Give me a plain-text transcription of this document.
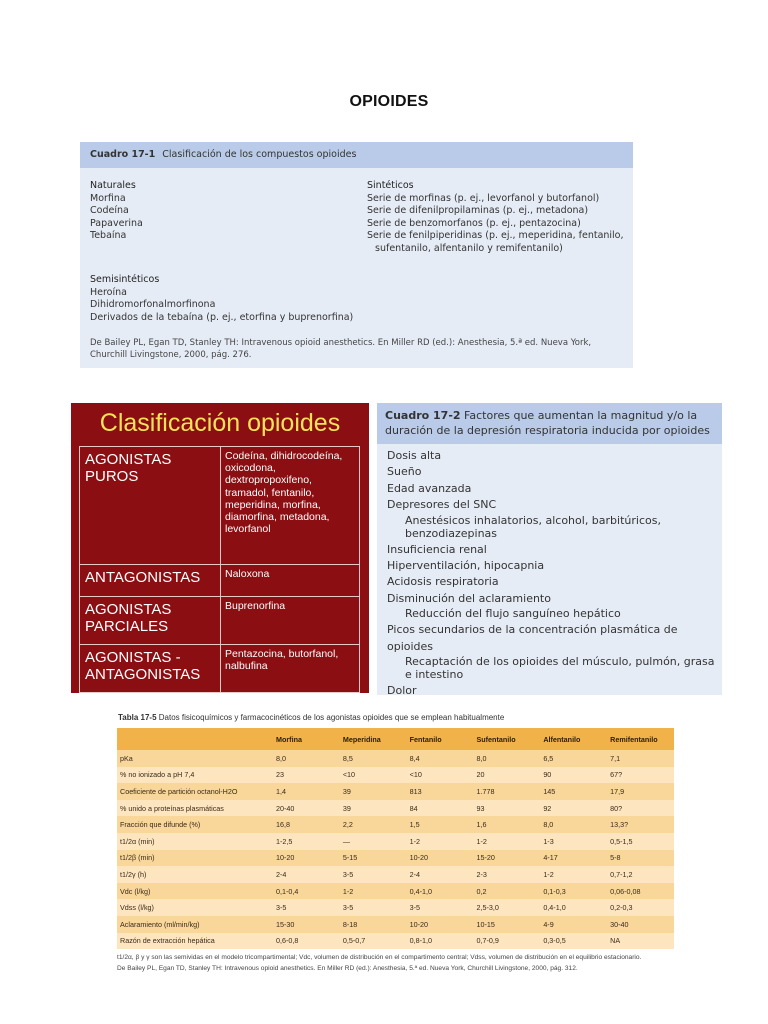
OPIOIDES
Cuadro 17-1 Clasificación de los compuestos opioides
Naturales
Morfina
Codeína
Papaverina
Tebaína
Semisintéticos
Heroína
Dihidromorfonalmorfinona
Derivados de la tebaína (p. ej., etorfina y buprenorfina)
Sintéticos
Serie de morfinas (p. ej., levorfanol y butorfanol)
Serie de difenilpropilaminas (p. ej., metadona)
Serie de benzomorfanos (p. ej., pentazocina)
Serie de fenilpiperidinas (p. ej., meperidina, fentanilo,
sufentanilo, alfentanilo y remifentanilo)
De Bailey PL, Egan TD, Stanley TH: Intravenous opioid anesthetics. En Miller RD (ed.): Anesthesia, 5.ª ed. Nueva York, Churchill Livingstone, 2000, pág. 276.
Clasificación opioides
AGONISTAS PUROS	Codeína, dihidrocodeína, oxicodona, dextropropoxifeno, tramadol, fentanilo, meperidina, morfina, diamorfina, metadona, levorfanol
ANTAGONISTAS	Naloxona
AGONISTAS PARCIALES	Buprenorfina
AGONISTAS - ANTAGONISTAS	Pentazocina, butorfanol, nalbufina
Cuadro 17-2 Factores que aumentan la magnitud y/o la duración de la depresión respiratoria inducida por opioides
Dosis alta
Sueño
Edad avanzada
Depresores del SNC
Anestésicos inhalatorios, alcohol, barbitúricos, benzodiazepinas
Insuficiencia renal
Hiperventilación, hipocapnia
Acidosis respiratoria
Disminución del aclaramiento
Reducción del flujo sanguíneo hepático
Picos secundarios de la concentración plasmática de opioides
Recaptación de los opioides del músculo, pulmón, grasa e intestino
Dolor
Tabla 17-5 Datos fisicoquímicos y farmacocinéticos de los agonistas opioides que se emplean habitualmente
	Morfina	Meperidina	Fentanilo	Sufentanilo	Alfentanilo	Remifentanilo
pKa	8,0	8,5	8,4	8,0	6,5	7,1
% no ionizado a pH 7,4	23	<10	<10	20	90	67?
Coeficiente de partición octanol-H2O	1,4	39	813	1.778	145	17,9
% unido a proteínas plasmáticas	20-40	39	84	93	92	80?
Fracción que difunde (%)	16,8	2,2	1,5	1,6	8,0	13,3?
t1/2α (min)	1-2,5	—	1-2	1-2	1-3	0,5-1,5
t1/2β (min)	10-20	5-15	10-20	15-20	4-17	5-8
t1/2γ (h)	2-4	3-5	2-4	2-3	1-2	0,7-1,2
Vdc (l/kg)	0,1-0,4	1-2	0,4-1,0	0,2	0,1-0,3	0,06-0,08
Vdss (l/kg)	3-5	3-5	3-5	2,5-3,0	0,4-1,0	0,2-0,3
Aclaramiento (ml/min/kg)	15-30	8-18	10-20	10-15	4-9	30-40
Razón de extracción hepática	0,6-0,8	0,5-0,7	0,8-1,0	0,7-0,9	0,3-0,5	NA
t1/2α, β y γ son las semividas en el modelo tricompartimental; Vdc, volumen de distribución en el compartimento central; Vdss, volumen de distribución en el equilibrio estacionario.
De Bailey PL, Egan TD, Stanley TH: Intravenous opioid anesthetics. En Miller RD (ed.): Anesthesia, 5.ª ed. Nueva York, Churchill Livingstone, 2000, pág. 312.
